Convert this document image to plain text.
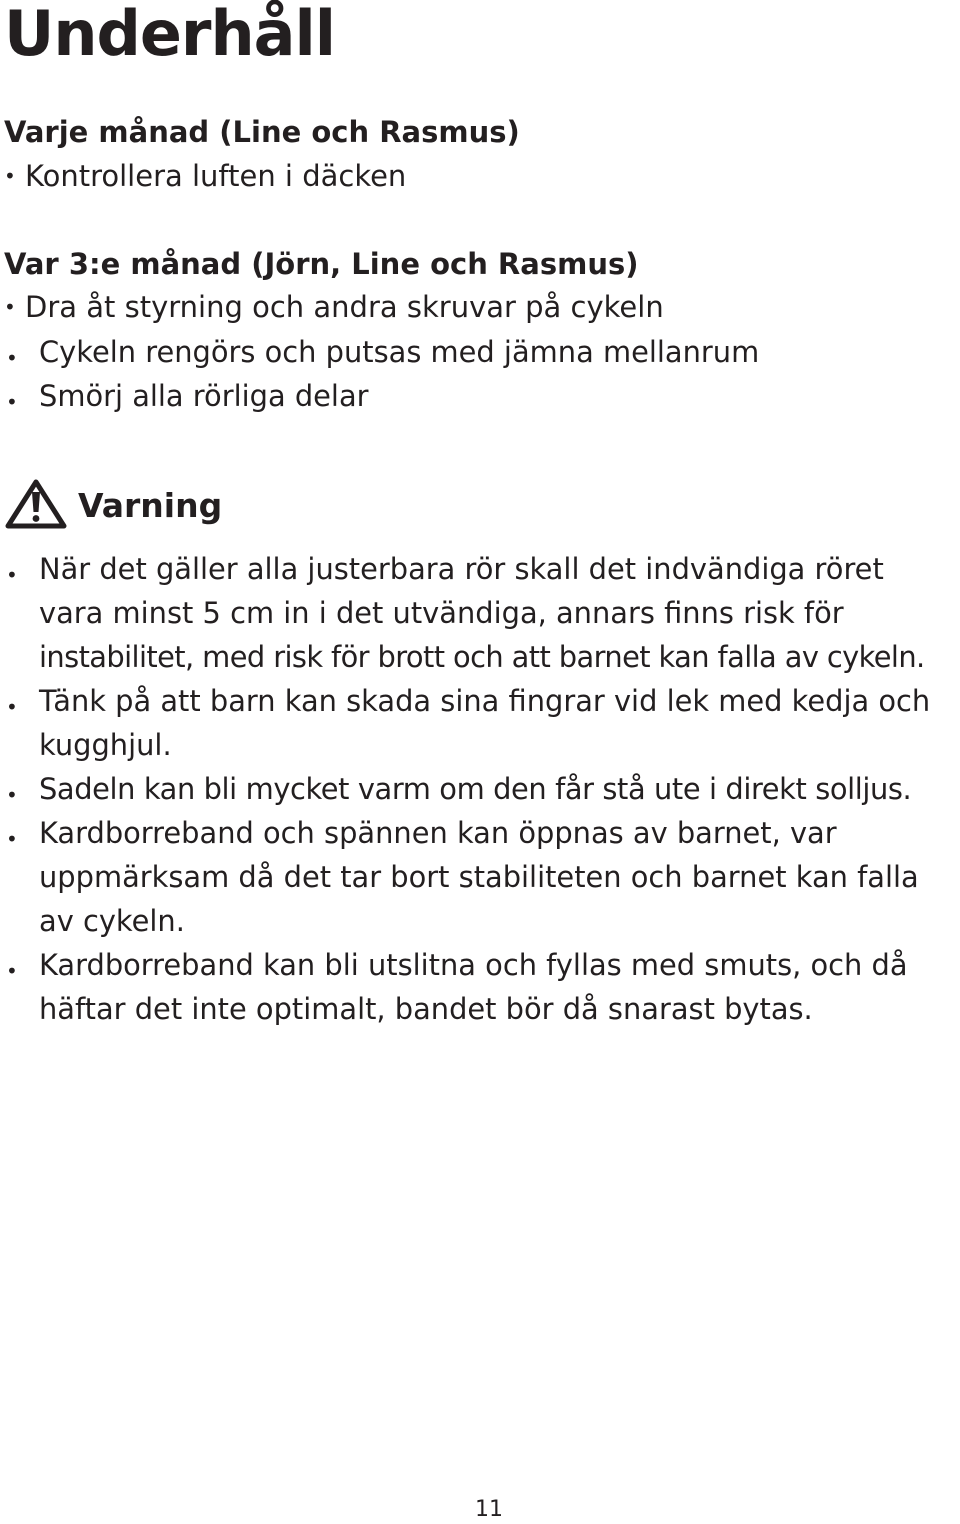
Underhåll
Varje månad (Line och Rasmus)
• Kontrollera luften i däcken
Var 3:e månad (Jörn, Line och Rasmus)
• Dra åt styrning och andra skruvar på cykeln
• Cykeln rengörs och putsas med jämna mellanrum
• Smörj alla rörliga delar
Varning
• När det gäller alla justerbara rör skall det indvändiga röret
vara minst 5 cm in i det utvändiga, annars finns risk för
instabilitet, med risk för brott och att barnet kan falla av cykeln.
• Tänk på att barn kan skada sina fingrar vid lek med kedja och
kugghjul.
• Sadeln kan bli mycket varm om den får stå ute i direkt solljus.
• Kardborreband och spännen kan öppnas av barnet, var
uppmärksam då det tar bort stabiliteten och barnet kan falla
av cykeln.
• Kardborreband kan bli utslitna och fyllas med smuts, och då
häftar det inte optimalt, bandet bör då snarast bytas.
11
